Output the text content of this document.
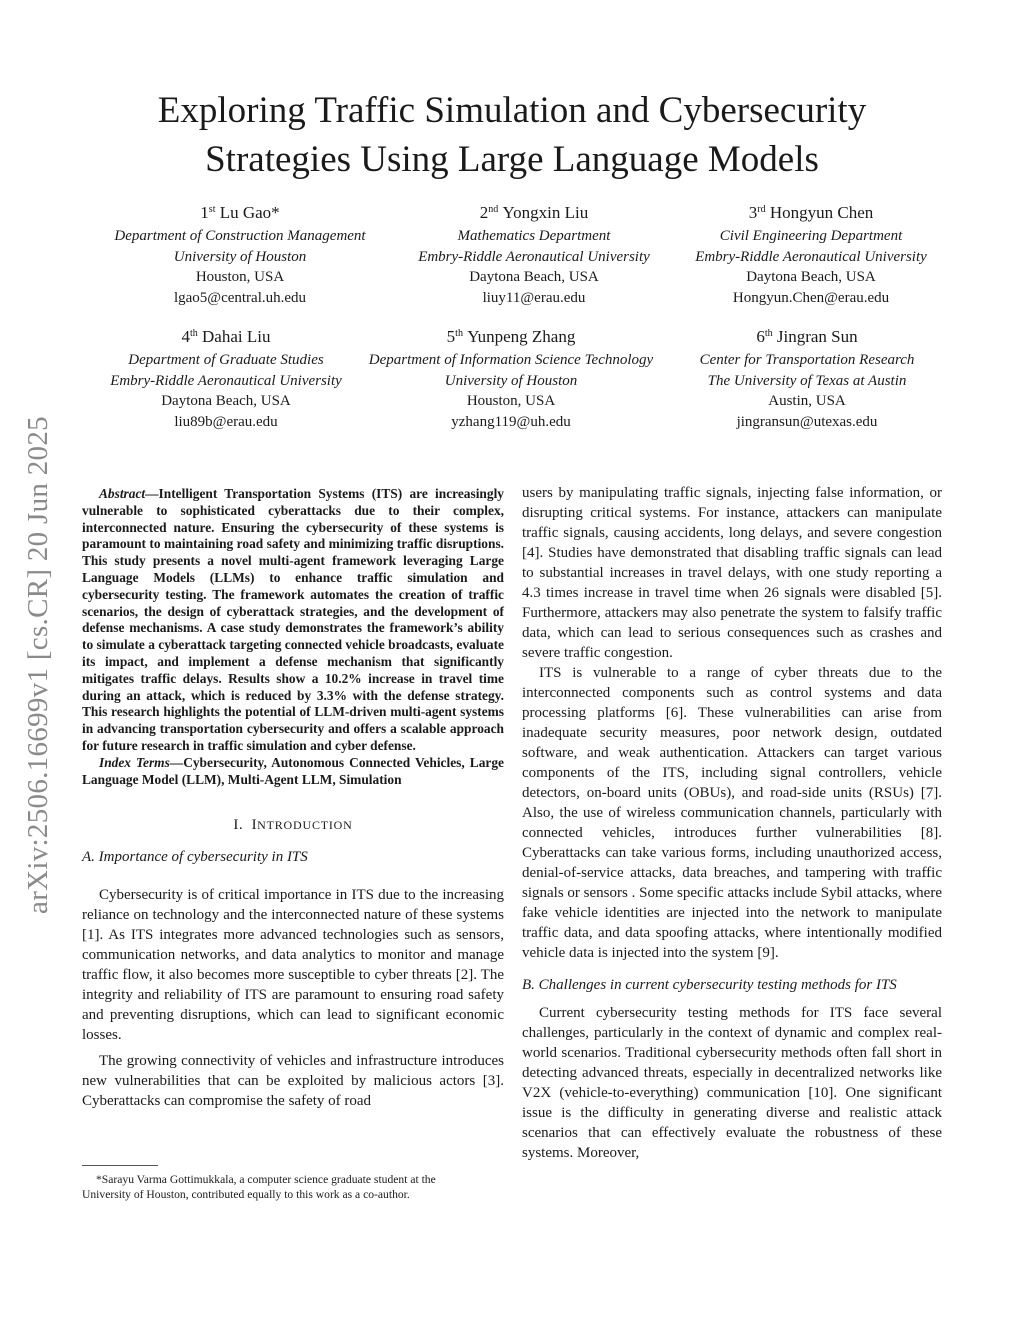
arXiv:2506.16699v1 [cs.CR] 20 Jun 2025
Exploring Traffic Simulation and Cybersecurity
Strategies Using Large Language Models
1st Lu Gao*
Department of Construction Management
University of Houston
Houston, USA
lgao5@central.uh.edu
2nd Yongxin Liu
Mathematics Department
Embry-Riddle Aeronautical University
Daytona Beach, USA
liuy11@erau.edu
3rd Hongyun Chen
Civil Engineering Department
Embry-Riddle Aeronautical University
Daytona Beach, USA
Hongyun.Chen@erau.edu
4th Dahai Liu
Department of Graduate Studies
Embry-Riddle Aeronautical University
Daytona Beach, USA
liu89b@erau.edu
5th Yunpeng Zhang
Department of Information Science Technology
University of Houston
Houston, USA
yzhang119@uh.edu
6th Jingran Sun
Center for Transportation Research
The University of Texas at Austin
Austin, USA
jingransun@utexas.edu

Abstract—Intelligent Transportation Systems (ITS) are increasingly vulnerable to sophisticated cyberattacks due to their complex, interconnected nature. Ensuring the cybersecurity of these systems is paramount to maintaining road safety and minimizing traffic disruptions. This study presents a novel multi-agent framework leveraging Large Language Models (LLMs) to enhance traffic simulation and cybersecurity testing. The framework automates the creation of traffic scenarios, the design of cyberattack strategies, and the development of defense mechanisms. A case study demonstrates the framework’s ability to simulate a cyberattack targeting connected vehicle broadcasts, evaluate its impact, and implement a defense mechanism that significantly mitigates traffic delays. Results show a 10.2% increase in travel time during an attack, which is reduced by 3.3% with the defense strategy. This research highlights the potential of LLM-driven multi-agent systems in advancing transportation cybersecurity and offers a scalable approach for future research in traffic simulation and cyber defense.

Index Terms—Cybersecurity, Autonomous Connected Vehicles, Large Language Model (LLM), Multi-Agent LLM, Simulation

I. INTRODUCTION
A. Importance of cybersecurity in ITS

Cybersecurity is of critical importance in ITS due to the increasing reliance on technology and the interconnected nature of these systems [1]. As ITS integrates more advanced technologies such as sensors, communication networks, and data analytics to monitor and manage traffic flow, it also becomes more susceptible to cyber threats [2]. The integrity and reliability of ITS are paramount to ensuring road safety and preventing disruptions, which can lead to significant economic losses.

The growing connectivity of vehicles and infrastructure introduces new vulnerabilities that can be exploited by malicious actors [3]. Cyberattacks can compromise the safety of road

*Sarayu Varma Gottimukkala, a computer science graduate student at the
University of Houston, contributed equally to this work as a co-author.

users by manipulating traffic signals, injecting false information, or disrupting critical systems. For instance, attackers can manipulate traffic signals, causing accidents, long delays, and severe congestion [4]. Studies have demonstrated that disabling traffic signals can lead to substantial increases in travel delays, with one study reporting a 4.3 times increase in travel time when 26 signals were disabled [5]. Furthermore, attackers may also penetrate the system to falsify traffic data, which can lead to serious consequences such as crashes and severe traffic congestion.

ITS is vulnerable to a range of cyber threats due to the interconnected components such as control systems and data processing platforms [6]. These vulnerabilities can arise from inadequate security measures, poor network design, outdated software, and weak authentication. Attackers can target various components of the ITS, including signal controllers, vehicle detectors, on-board units (OBUs), and road-side units (RSUs) [7]. Also, the use of wireless communication channels, particularly with connected vehicles, introduces further vulnerabilities [8]. Cyberattacks can take various forms, including unauthorized access, denial-of-service attacks, data breaches, and tampering with traffic signals or sensors . Some specific attacks include Sybil attacks, where fake vehicle identities are injected into the network to manipulate traffic data, and data spoofing attacks, where intentionally modified vehicle data is injected into the system [9].

B. Challenges in current cybersecurity testing methods for ITS

Current cybersecurity testing methods for ITS face several challenges, particularly in the context of dynamic and complex real-world scenarios. Traditional cybersecurity methods often fall short in detecting advanced threats, especially in decentralized networks like V2X (vehicle-to-everything) communication [10]. One significant issue is the difficulty in generating diverse and realistic attack scenarios that can effectively evaluate the robustness of these systems. Moreover,
